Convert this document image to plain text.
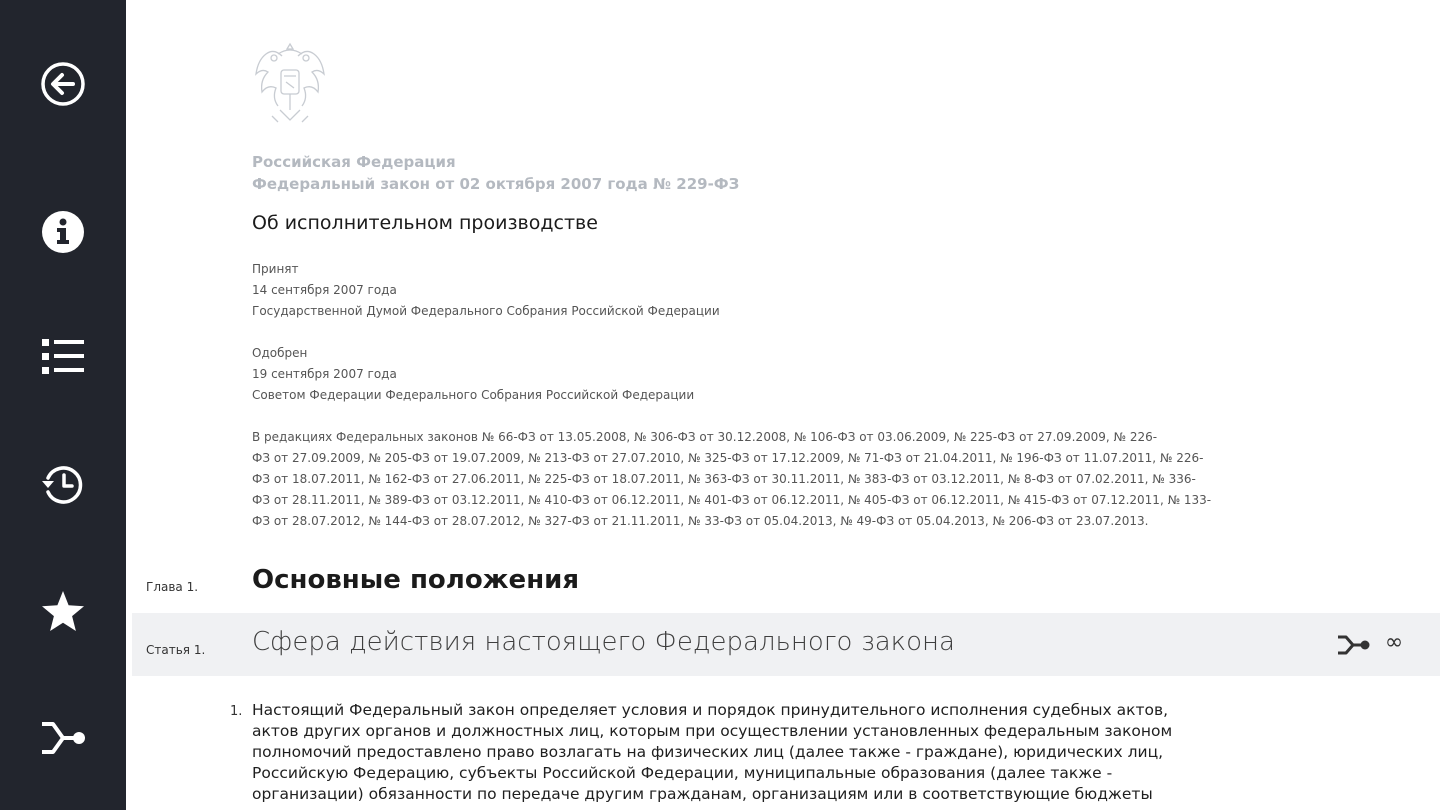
Российская Федерация
Федеральный закон от 02 октября 2007 года № 229-ФЗ
Об исполнительном производстве
Принят
14 сентября 2007 года
Государственной Думой Федерального Собрания Российской Федерации
Одобрен
19 сентября 2007 года
Советом Федерации Федерального Собрания Российской Федерации
В редакциях Федеральных законов № 66-ФЗ от 13.05.2008, № 306-ФЗ от 30.12.2008, № 106-ФЗ от 03.06.2009, № 225-ФЗ от 27.09.2009, № 226-
ФЗ от 27.09.2009, № 205-ФЗ от 19.07.2009, № 213-ФЗ от 27.07.2010, № 325-ФЗ от 17.12.2009, № 71-ФЗ от 21.04.2011, № 196-ФЗ от 11.07.2011, № 226-
ФЗ от 18.07.2011, № 162-ФЗ от 27.06.2011, № 225-ФЗ от 18.07.2011, № 363-ФЗ от 30.11.2011, № 383-ФЗ от 03.12.2011, № 8-ФЗ от 07.02.2011, № 336-
ФЗ от 28.11.2011, № 389-ФЗ от 03.12.2011, № 410-ФЗ от 06.12.2011, № 401-ФЗ от 06.12.2011, № 405-ФЗ от 06.12.2011, № 415-ФЗ от 07.12.2011, № 133-
ФЗ от 28.07.2012, № 144-ФЗ от 28.07.2012, № 327-ФЗ от 21.11.2011, № 33-ФЗ от 05.04.2013, № 49-ФЗ от 05.04.2013, № 206-ФЗ от 23.07.2013.
Глава 1. Основные положения
Статья 1. Сфера действия настоящего Федерального закона	∞
1. Настоящий Федеральный закон определяет условия и порядок принудительного исполнения судебных актов,
актов других органов и должностных лиц, которым при осуществлении установленных федеральным законом
полномочий предоставлено право возлагать на физических лиц (далее также - граждане), юридических лиц,
Российскую Федерацию, субъекты Российской Федерации, муниципальные образования (далее также -
организации) обязанности по передаче другим гражданам, организациям или в соответствующие бюджеты
